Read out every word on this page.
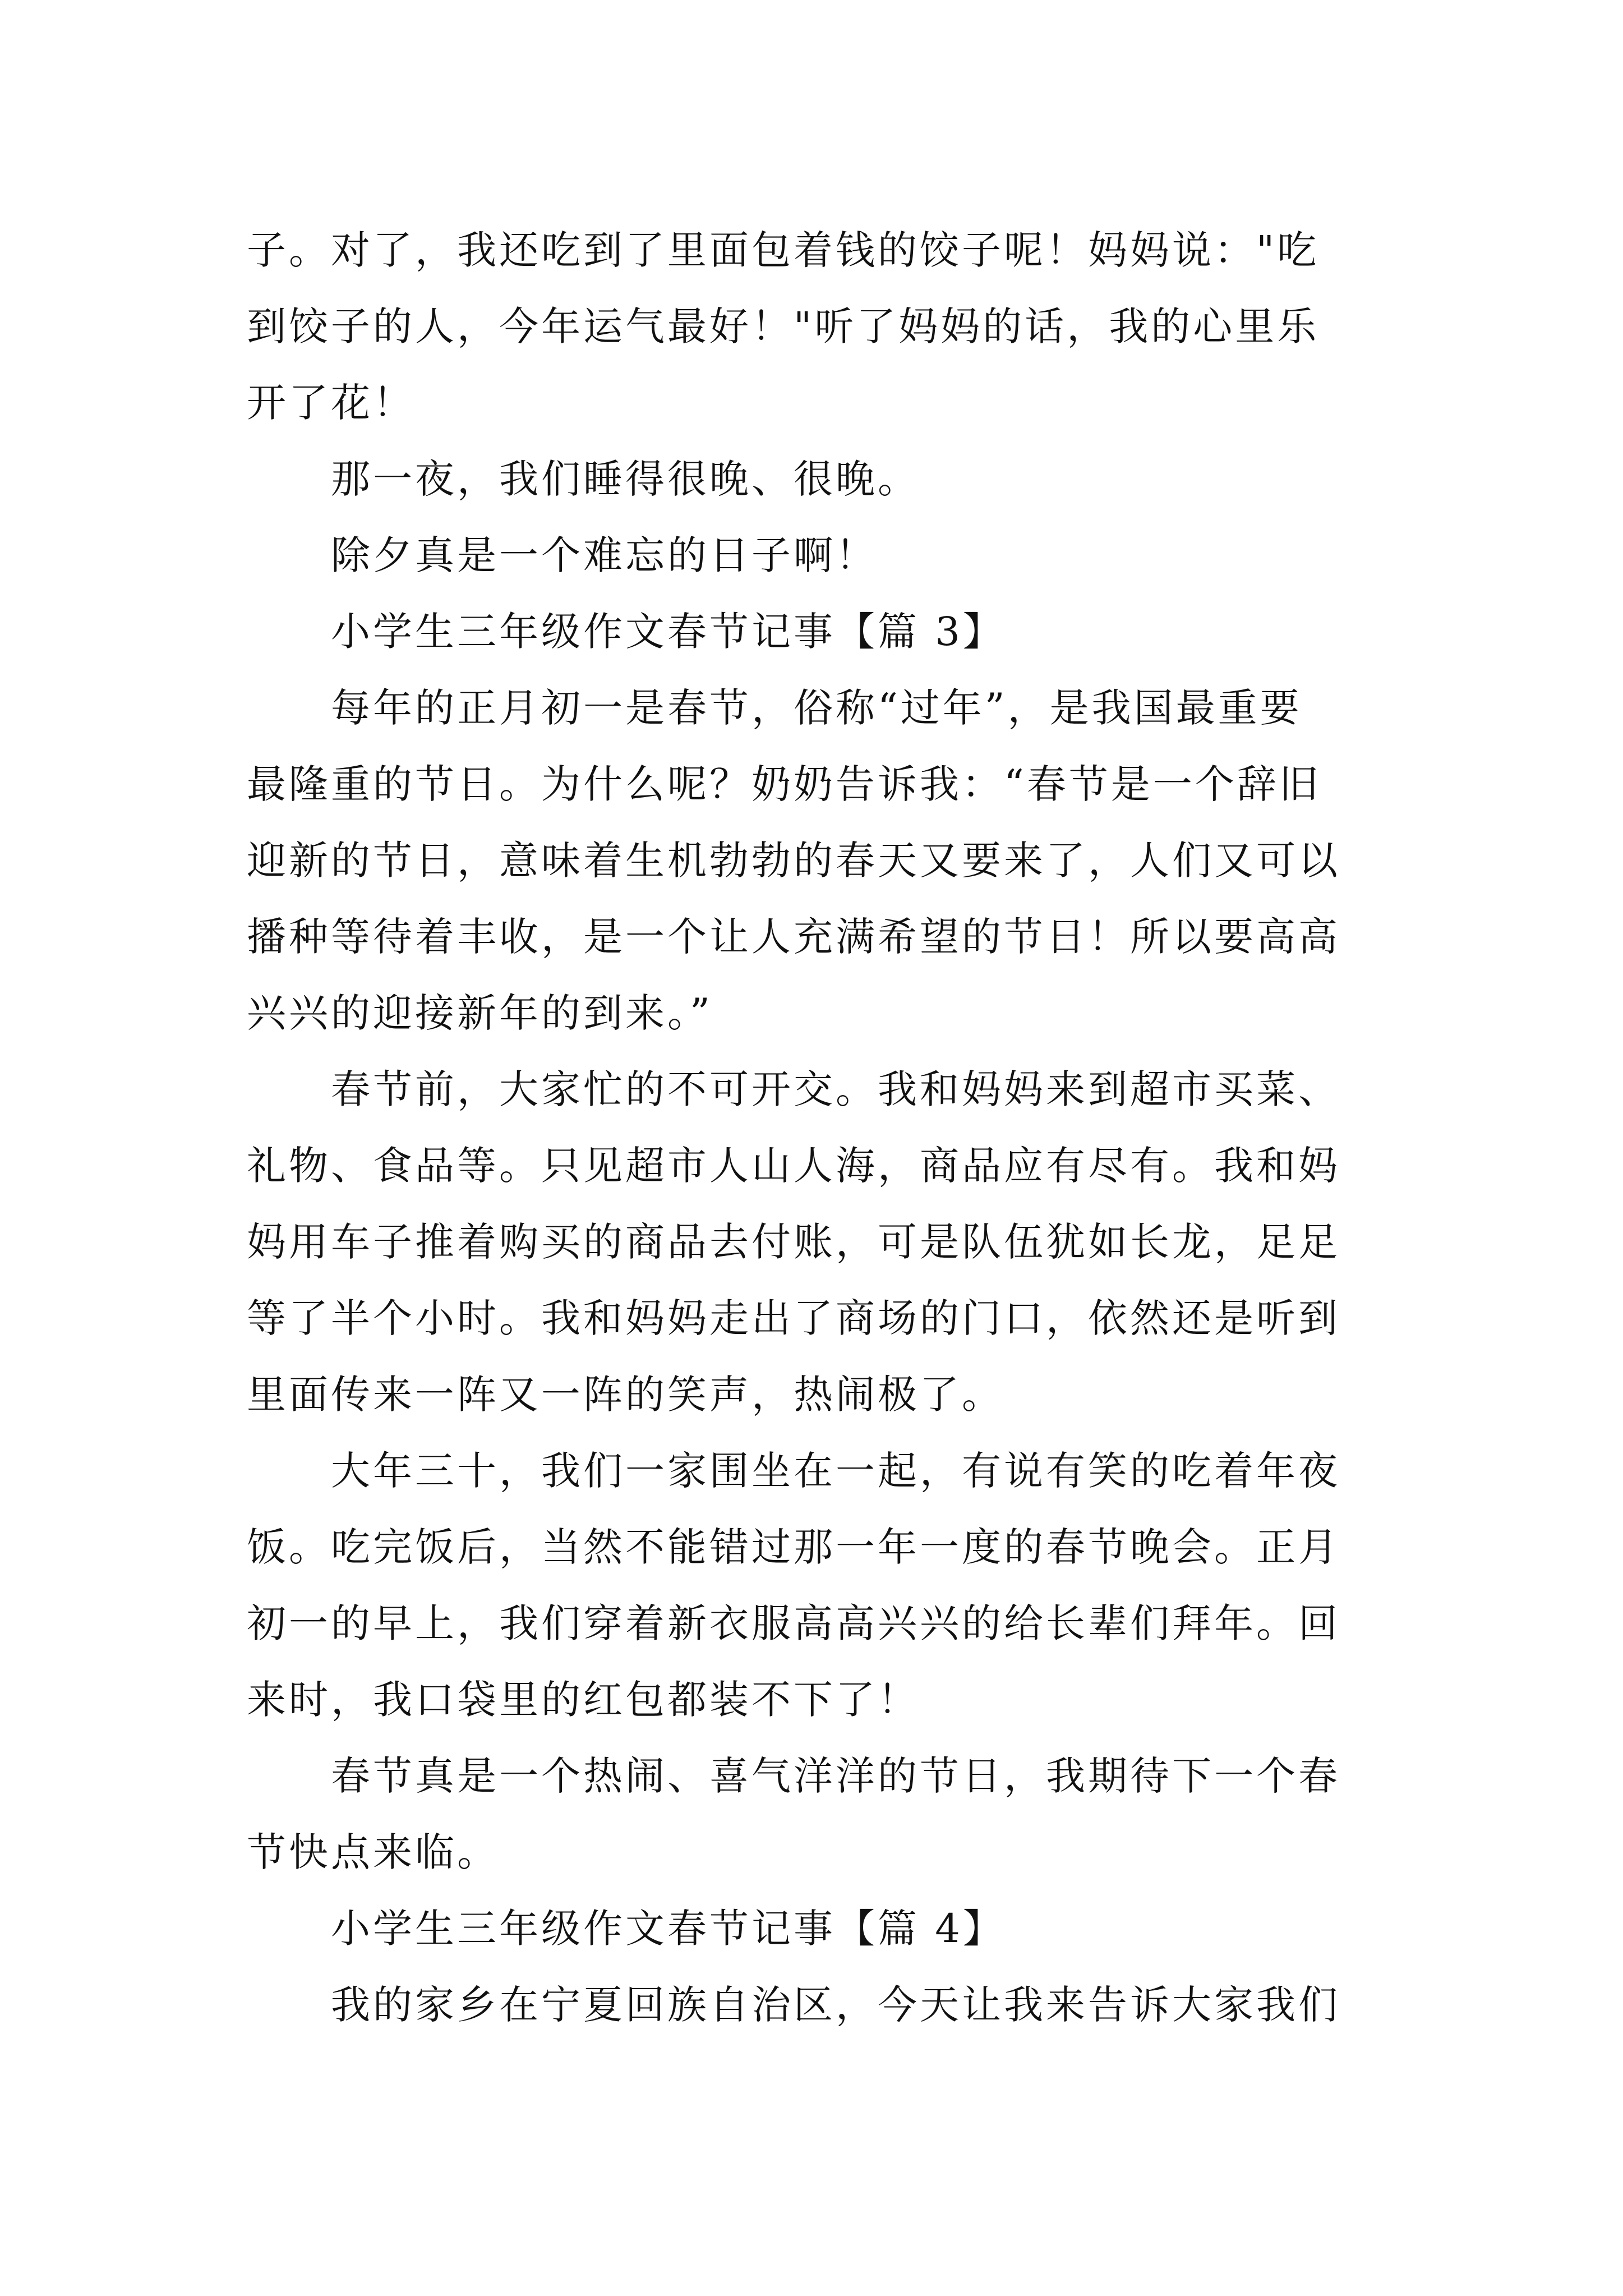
子。对了，我还吃到了里面包着钱的饺子呢！妈妈说："吃
到饺子的人，今年运气最好！"听了妈妈的话，我的心里乐
开了花！
那一夜，我们睡得很晚、很晚。
除夕真是一个难忘的日子啊！
小学生三年级作文春节记事【篇 3】
每年的正月初一是春节，俗称“过年”，是我国最重要
最隆重的节日。为什么呢？奶奶告诉我：“春节是一个辞旧
迎新的节日，意味着生机勃勃的春天又要来了，人们又可以
播种等待着丰收，是一个让人充满希望的节日！所以要高高
兴兴的迎接新年的到来。”
春节前，大家忙的不可开交。我和妈妈来到超市买菜、
礼物、食品等。只见超市人山人海，商品应有尽有。我和妈
妈用车子推着购买的商品去付账，可是队伍犹如长龙，足足
等了半个小时。我和妈妈走出了商场的门口，依然还是听到
里面传来一阵又一阵的笑声，热闹极了。
大年三十，我们一家围坐在一起，有说有笑的吃着年夜
饭。吃完饭后，当然不能错过那一年一度的春节晚会。正月
初一的早上，我们穿着新衣服高高兴兴的给长辈们拜年。回
来时，我口袋里的红包都装不下了！
春节真是一个热闹、喜气洋洋的节日，我期待下一个春
节快点来临。
小学生三年级作文春节记事【篇 4】
我的家乡在宁夏回族自治区，今天让我来告诉大家我们
